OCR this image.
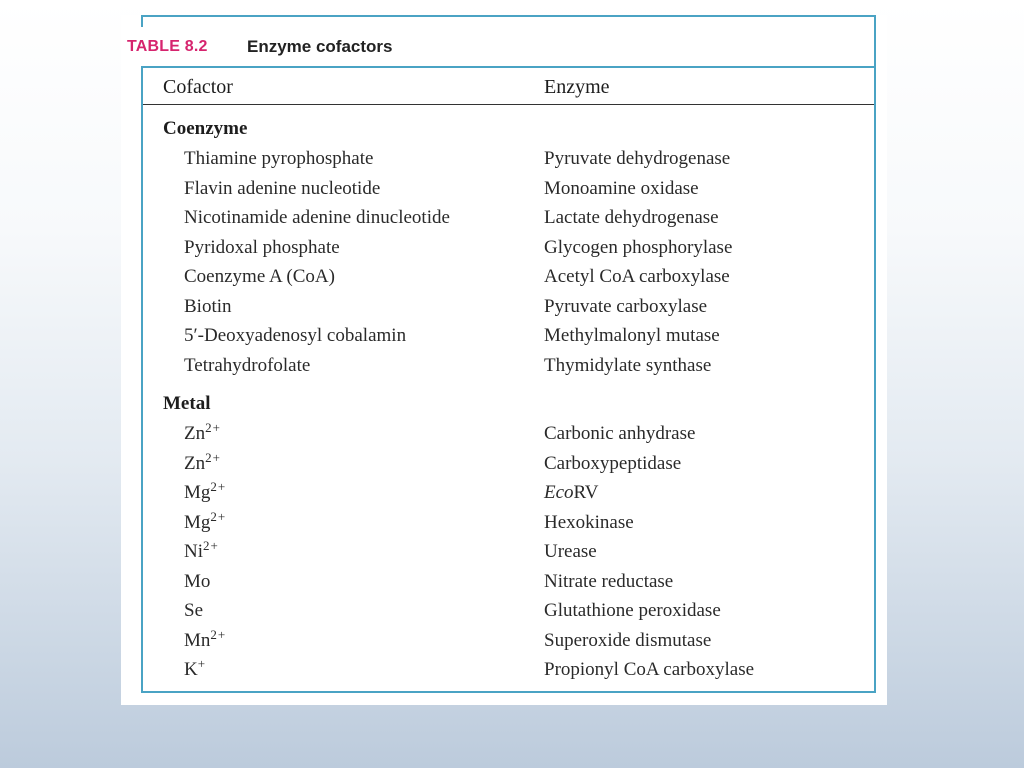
TABLE 8.2 Enzyme cofactors
Cofactor	Enzyme
Coenzyme
Thiamine pyrophosphate	Pyruvate dehydrogenase
Flavin adenine nucleotide	Monoamine oxidase
Nicotinamide adenine dinucleotide	Lactate dehydrogenase
Pyridoxal phosphate	Glycogen phosphorylase
Coenzyme A (CoA)	Acetyl CoA carboxylase
Biotin	Pyruvate carboxylase
5′-Deoxyadenosyl cobalamin	Methylmalonyl mutase
Tetrahydrofolate	Thymidylate synthase
Metal
$Zn^{2+}$	Carbonic anhydrase
$Zn^{2+}$	Carboxypeptidase
$Mg^{2+}$	EcoRV
$Mg^{2+}$	Hexokinase
$Ni^{2+}$	Urease
Mo	Nitrate reductase
Se	Glutathione peroxidase
$Mn^{2+}$	Superoxide dismutase
K+	Propionyl CoA carboxylase
